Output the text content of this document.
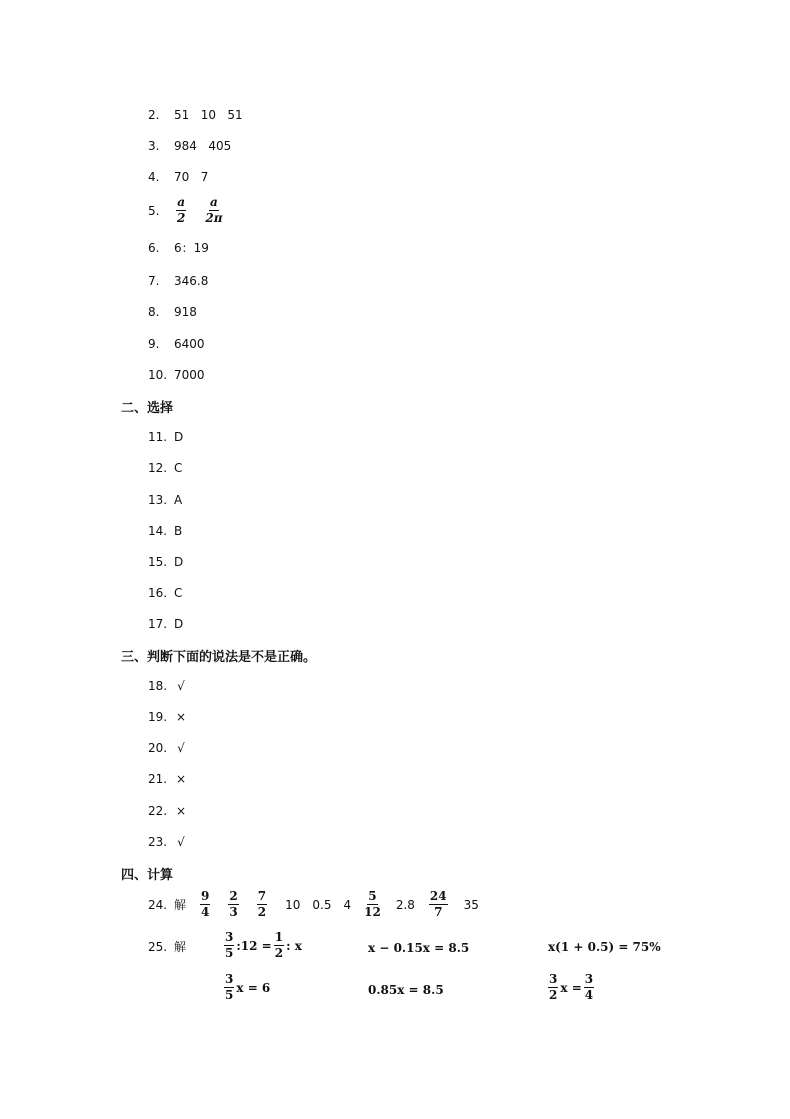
2. 51   10   51
3. 984   405
4. 70   7
5.	$\frac{a}{2} \frac{a}{2\pi}$
6. 6：19
7. 346.8
8. 918
9. 6400
10. 7000
二、选择
11. D
12. C
13. A
14. B
15. D
16. C
17. D
三、判断下面的说法是不是正确。
18. √
19. ×
20. √
21. ×
22. ×
23. √
四、计算
24. 解 $\frac{9}{4} \frac{2}{3} \frac{7}{2} 10$ 0.5 $4 \frac{5}{12} 2.8 \frac{24}{7} 35$
25. 解	$\frac{3}{5}$ :12 = $\frac{1}{2}$ : x
$\frac{3}{5}$ x = 6
x − 0.15x = 8.5
0.85x = 8.5
x(1 + 0.5) = 75%
$\frac{3}{2}$ $x = \frac{3}{4}$
